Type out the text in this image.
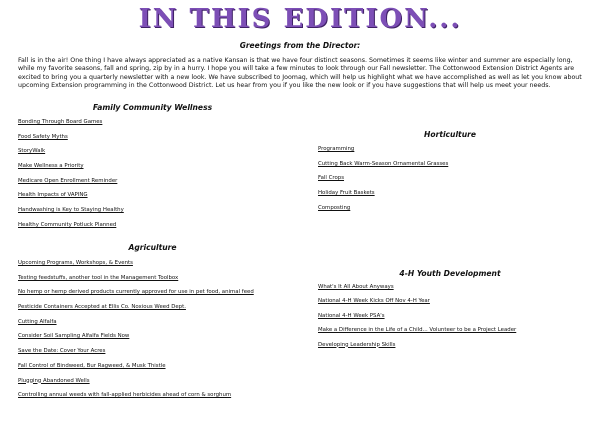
IN THIS EDITION...
Greetings from the Director:

Fall is in the air! One thing I have always appreciated as a native Kansan is that we have four distinct seasons. Sometimes it seems like winter and summer are especially long, while my favorite seasons, fall and spring, zip by in a hurry. I hope you will take a few minutes to look through our Fall newsletter. The Cottonwood Extension District Agents are excited to bring you a quarterly newsletter with a new look. We have subscribed to Joomag, which will help us highlight what we have accomplished as well as let you know about upcoming Extension programming in the Cottonwood District. Let us hear from you if you like the new look or if you have suggestions that will help us meet your needs.

Family Community Wellness
Bonding Through Board Games
Food Safety Myths
StoryWalk
Make Wellness a Priority
Medicare Open Enrollment Reminder
Health Impacts of VAPING
Handwashing is Key to Staying Healthy
Healthy Community Potluck Planned
Agriculture
Upcoming Programs, Workshops, & Events
Testing feedstuffs, another tool in the Management Toolbox
No hemp or hemp derived products currently approved for use in pet food, animal feed
Pesticide Containers Accepted at Ellis Co. Noxious Weed Dept.
Cutting Alfalfa
Consider Soil Sampling Alfalfa Fields Now
Save the Date: Cover Your Acres
Fall Control of Bindweed, Bur Ragweed, & Musk Thistle
Plugging Abandoned Wells
Controlling annual weeds with fall-applied herbicides ahead of corn & sorghum
Horticulture
Programming
Cutting Back Warm-Season Ornamental Grasses
Fall Crops
Holiday Fruit Baskets
Composting
4-H Youth Development
What's It All About Anyways
National 4-H Week Kicks Off Nov 4-H Year
National 4-H Week PSA's
Make a Difference in the Life of a Child... Volunteer to be a Project Leader
Developing Leadership Skills
